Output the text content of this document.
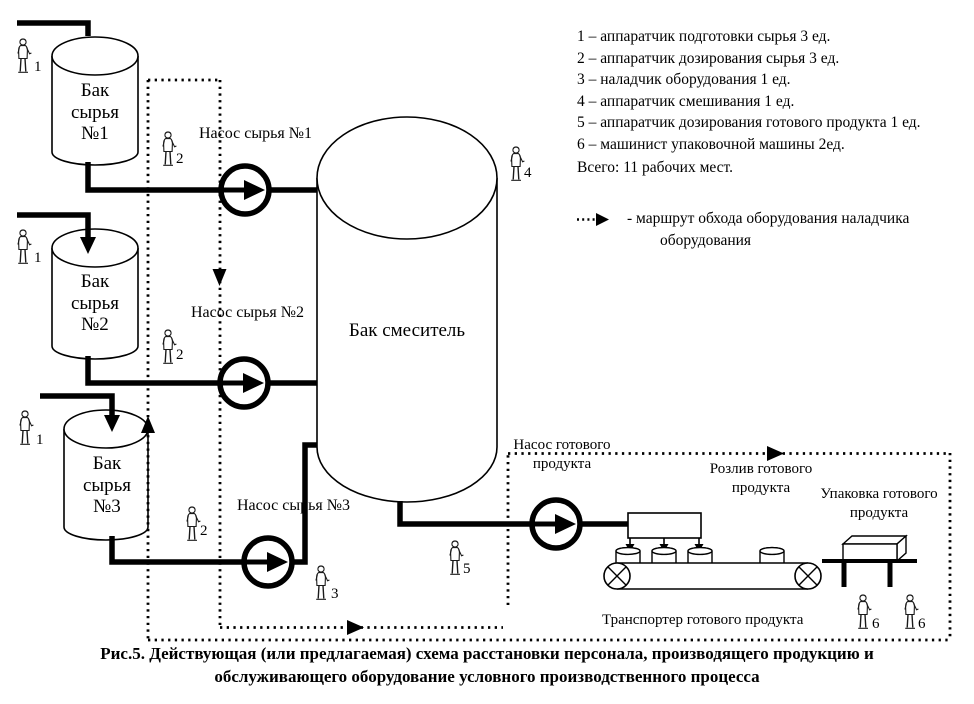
Бак сырья №1
Бак сырья №2
Бак сырья №3
Бак смеситель
Насос сырья №1
Насос сырья №2
Насос сырья №3
Насос готового продукта	Розлив готового продукта	Упаковка готового продукта
Транспортер готового продукта
1
2
1
2
1
2
3
4
5
6	6
1 – аппаратчик подготовки сырья 3 ед.
2 – аппаратчик дозирования сырья 3 ед.
3 – наладчик оборудования 1 ед.
4 – аппаратчик смешивания 1 ед.
5 – аппаратчик дозирования готового продукта 1 ед.
6 – машинист упаковочной машины 2ед.
Всего: 11 рабочих мест.
- маршрут обхода оборудования наладчика
оборудования
Рис.5. Действующая (или предлагаемая) схема расстановки персонала, производящего продукцию и
обслуживающего оборудование условного производственного процесса
